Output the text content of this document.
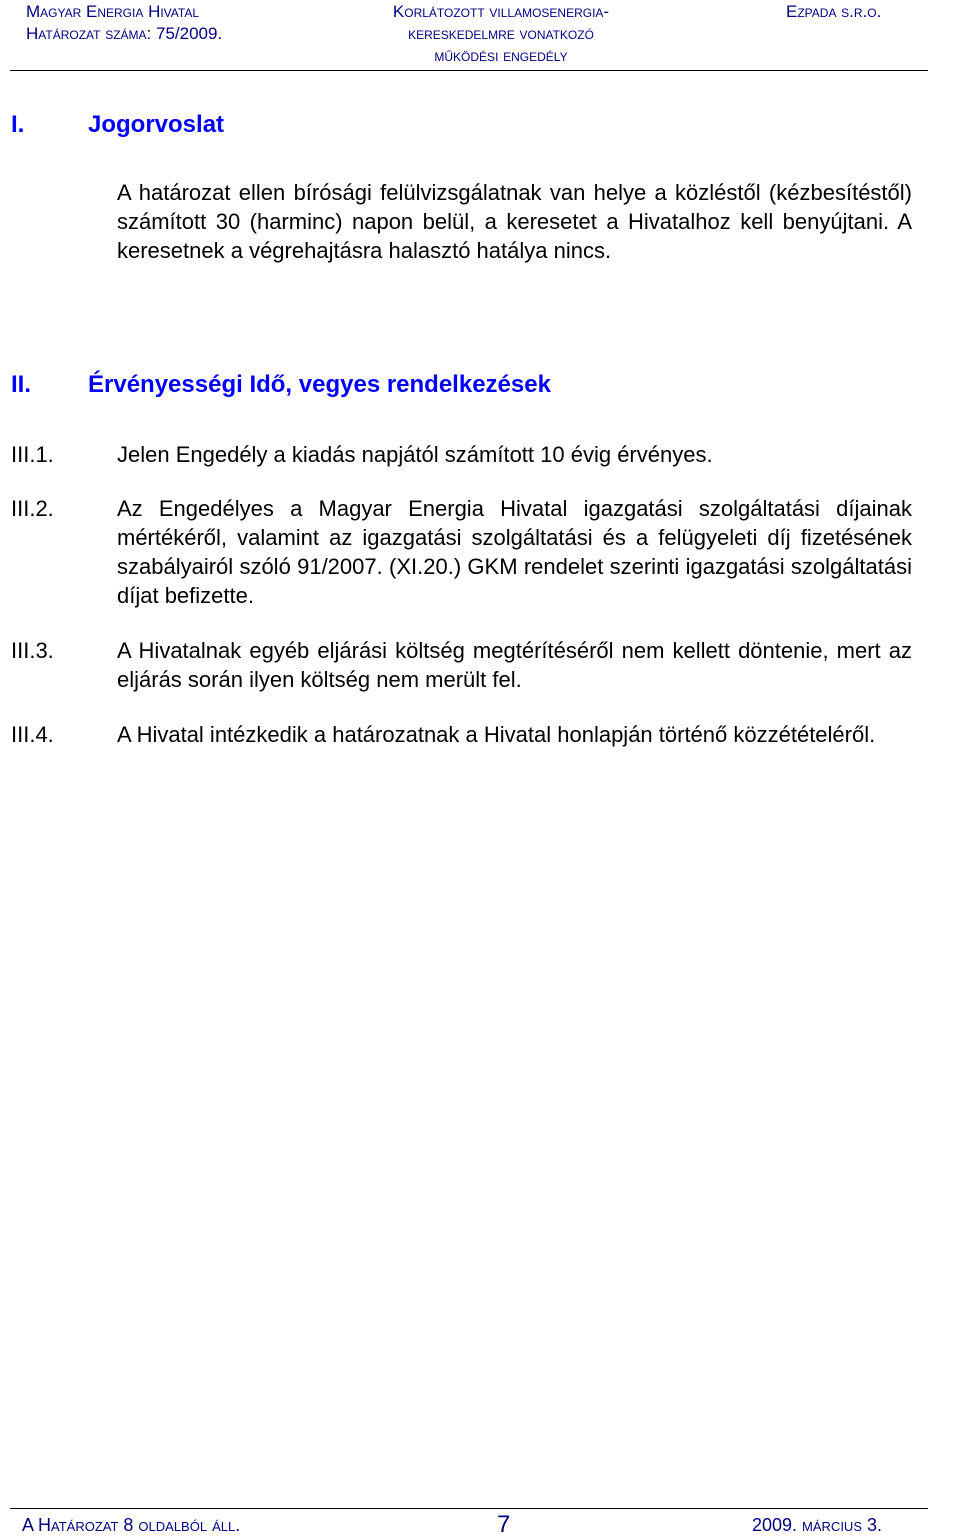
Magyar Energia Hivatal
Határozat száma: 75/2009.
Korlátozott villamosenergia-
kereskedelmre vonatkozó
működési engedély
Ezpada s.r.o.
I.	Jogorvoslat
A határozat ellen bírósági felülvizsgálatnak van helye a közléstől (kézbesítéstől) számított 30 (harminc) napon belül, a keresetet a Hivatalhoz kell benyújtani. A keresetnek a végrehajtásra halasztó hatálya nincs.
II. Érvényességi Idő, vegyes rendelkezések
III.1.	Jelen Engedély a kiadás napjától számított 10 évig érvényes.
III.2.	Az Engedélyes a Magyar Energia Hivatal igazgatási szolgáltatási díjainak mértékéről, valamint az igazgatási szolgáltatási és a felügyeleti díj fizetésének szabályairól szóló 91/2007. (XI.20.) GKM rendelet szerinti igazgatási szolgáltatási díjat befizette.
III.3.	A Hivatalnak egyéb eljárási költség megtérítéséről nem kellett döntenie, mert az eljárás során ilyen költség nem merült fel.
III.4.	A Hivatal intézkedik a határozatnak a Hivatal honlapján történő közzétételéről.
A Határozat 8 oldalból áll.	7	2009. március 3.
